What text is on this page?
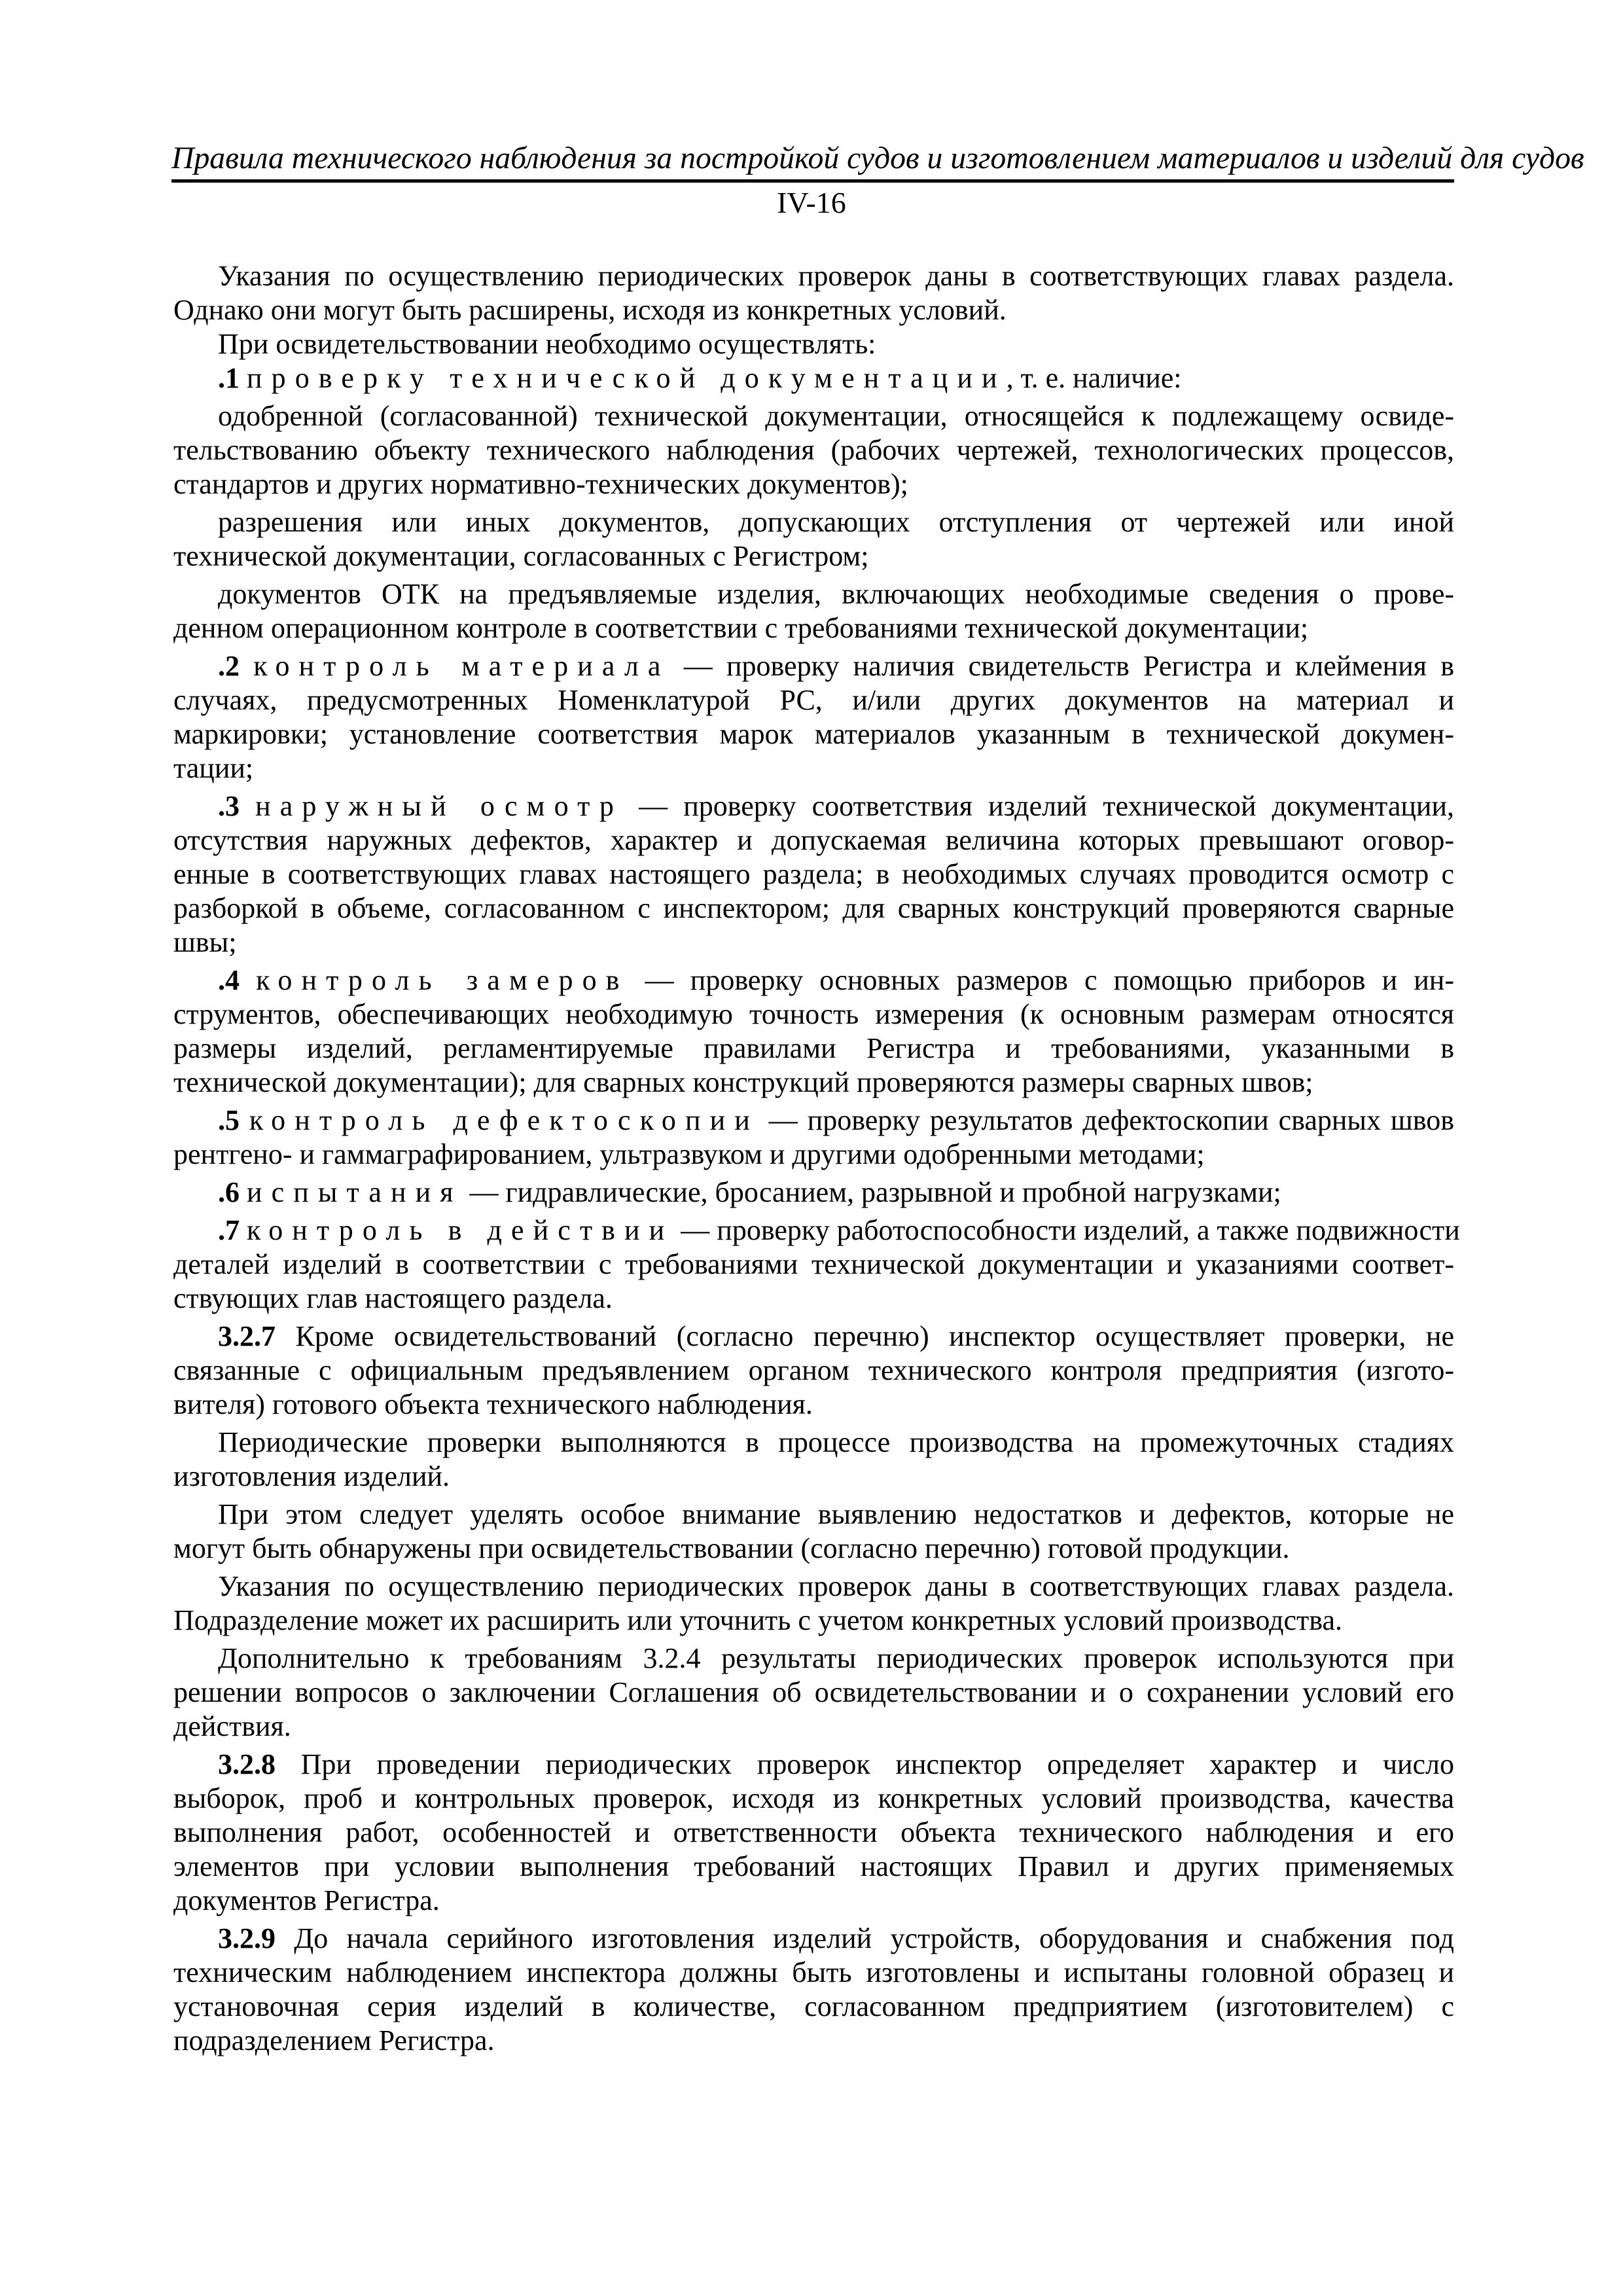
Правила технического наблюдения за постройкой судов и изготовлением материалов и изделий для судов
IV-16
Указания по осуществлению периодических проверок даны в соответствующих главах раздела.
Однако они могут быть расширены, исходя из конкретных условий.
При освидетельствовании необходимо осуществлять:
.1 проверку технической документации, т. е. наличие:
одобренной (согласованной) технической документации, относящейся к подлежащему освиде-
тельствованию объекту технического наблюдения (рабочих чертежей, технологических процессов,
стандартов и других нормативно-технических документов);
разрешения или иных документов, допускающих отступления от чертежей или иной
технической документации, согласованных с Регистром;
документов ОТК на предъявляемые изделия, включающих необходимые сведения о прове-
денном операционном контроле в соответствии с требованиями технической документации;
.2 контроль материала — проверку наличия свидетельств Регистра и клеймения в
случаях, предусмотренных Номенклатурой РС, и/или других документов на материал и
маркировки; установление соответствия марок материалов указанным в технической докумен-
тации;
.3 наружный осмотр — проверку соответствия изделий технической документации,
отсутствия наружных дефектов, характер и допускаемая величина которых превышают оговор-
енные в соответствующих главах настоящего раздела; в необходимых случаях проводится осмотр с
разборкой в объеме, согласованном с инспектором; для сварных конструкций проверяются сварные
швы;
.4 контроль замеров — проверку основных размеров с помощью приборов и ин-
струментов, обеспечивающих необходимую точность измерения (к основным размерам относятся
размеры изделий, регламентируемые правилами Регистра и требованиями, указанными в
технической документации); для сварных конструкций проверяются размеры сварных швов;
.5 контроль дефектоскопии — проверку результатов дефектоскопии сварных швов
рентгено- и гаммаграфированием, ультразвуком и другими одобренными методами;
.6 испытания — гидравлические, бросанием, разрывной и пробной нагрузками;
.7 контроль в действии — проверку работоспособности изделий, а также подвижности
деталей изделий в соответствии с требованиями технической документации и указаниями соответ-
ствующих глав настоящего раздела.
3.2.7 Кроме освидетельствований (согласно перечню) инспектор осуществляет проверки, не
связанные с официальным предъявлением органом технического контроля предприятия (изгото-
вителя) готового объекта технического наблюдения.
Периодические проверки выполняются в процессе производства на промежуточных стадиях
изготовления изделий.
При этом следует уделять особое внимание выявлению недостатков и дефектов, которые не
могут быть обнаружены при освидетельствовании (согласно перечню) готовой продукции.
Указания по осуществлению периодических проверок даны в соответствующих главах раздела.
Подразделение может их расширить или уточнить с учетом конкретных условий производства.
Дополнительно к требованиям 3.2.4 результаты периодических проверок используются при
решении вопросов о заключении Соглашения об освидетельствовании и о сохранении условий его
действия.
3.2.8 При проведении периодических проверок инспектор определяет характер и число
выборок, проб и контрольных проверок, исходя из конкретных условий производства, качества
выполнения работ, особенностей и ответственности объекта технического наблюдения и его
элементов при условии выполнения требований настоящих Правил и других применяемых
документов Регистра.
3.2.9 До начала серийного изготовления изделий устройств, оборудования и снабжения под
техническим наблюдением инспектора должны быть изготовлены и испытаны головной образец и
установочная серия изделий в количестве, согласованном предприятием (изготовителем) с
подразделением Регистра.
